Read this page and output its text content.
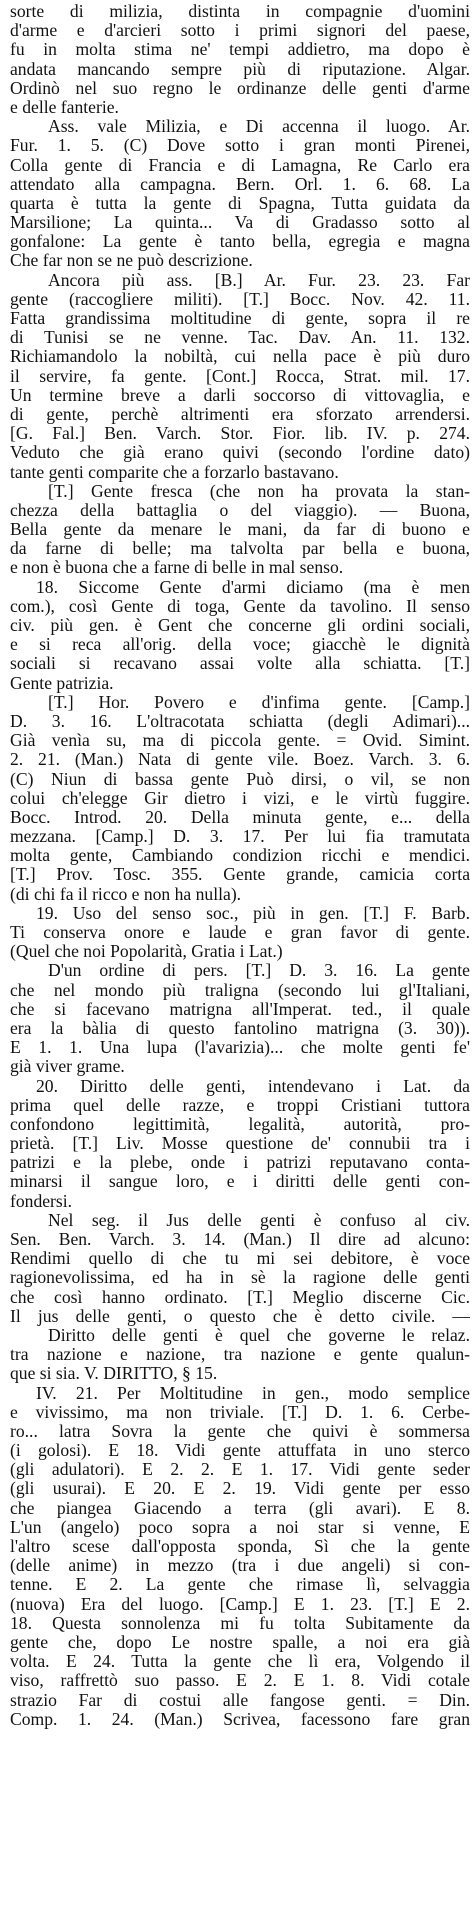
sorte di milizia, distinta in compagnie d'uomini
d'arme e d'arcieri sotto i primi signori del paese,
fu in molta stima ne' tempi addietro, ma dopo è
andata mancando sempre più di riputazione. Algar.
Ordinò nel suo regno le ordinanze delle genti d'arme
e delle fanterie.
Ass. vale Milizia, e Di accenna il luogo. Ar.
Fur. 1. 5. (C) Dove sotto i gran monti Pirenei,
Colla gente di Francia e di Lamagna, Re Carlo era
attendato alla campagna. Bern. Orl. 1. 6. 68. La
quarta è tutta la gente di Spagna, Tutta guidata da
Marsilione; La quinta... Va di Gradasso sotto al
gonfalone: La gente è tanto bella, egregia e magna
Che far non se ne può descrizione.
Ancora più ass. [B.] Ar. Fur. 23. 23. Far
gente (raccogliere militi). [T.] Bocc. Nov. 42. 11.
Fatta grandissima moltitudine di gente, sopra il re
di Tunisi se ne venne. Tac. Dav. An. 11. 132.
Richiamandolo la nobiltà, cui nella pace è più duro
il servire, fa gente. [Cont.] Rocca, Strat. mil. 17.
Un termine breve a darli soccorso di vittovaglia, e
di gente, perchè altrimenti era sforzato arrendersi.
[G. Fal.] Ben. Varch. Stor. Fior. lib. IV. p. 274.
Veduto che già erano quivi (secondo l'ordine dato)
tante genti comparite che a forzarlo bastavano.
[T.] Gente fresca (che non ha provata la stan-
chezza della battaglia o del viaggio). — Buona,
Bella gente da menare le mani, da far di buono e
da farne di belle; ma talvolta par bella e buona,
e non è buona che a farne di belle in mal senso.
18. Siccome Gente d'armi diciamo (ma è men
com.), così Gente di toga, Gente da tavolino. Il senso
civ. più gen. è Gent che concerne gli ordini sociali,
e si reca all'orig. della voce; giacchè le dignità
sociali si recavano assai volte alla schiatta. [T.]
Gente patrizia.
[T.] Hor. Povero e d'infima gente. [Camp.]
D. 3. 16. L'oltracotata schiatta (degli Adimari)...
Già venìa su, ma di piccola gente. = Ovid. Simint.
2. 21. (Man.) Nata di gente vile. Boez. Varch. 3. 6.
(C) Niun di bassa gente Può dirsi, o vil, se non
colui ch'elegge Gir dietro i vizi, e le virtù fuggire.
Bocc. Introd. 20. Della minuta gente, e... della
mezzana. [Camp.] D. 3. 17. Per lui fia tramutata
molta gente, Cambiando condizion ricchi e mendici.
[T.] Prov. Tosc. 355. Gente grande, camicia corta
(di chi fa il ricco e non ha nulla).
19. Uso del senso soc., più in gen. [T.] F. Barb.
Ti conserva onore e laude e gran favor di gente.
(Quel che noi Popolarità, Gratia i Lat.)
D'un ordine di pers. [T.] D. 3. 16. La gente
che nel mondo più traligna (secondo lui gl'Italiani,
che si facevano matrigna all'Imperat. ted., il quale
era la bàlia di questo fantolino matrigna (3. 30)).
E 1. 1. Una lupa (l'avarizia)... che molte genti fe'
già viver grame.
20. Diritto delle genti, intendevano i Lat. da
prima quel delle razze, e troppi Cristiani tuttora
confondono legittimità, legalità, autorità, pro-
prietà. [T.] Liv. Mosse questione de' connubii tra i
patrizi e la plebe, onde i patrizi reputavano conta-
minarsi il sangue loro, e i diritti delle genti con-
fondersi.
Nel seg. il Jus delle genti è confuso al civ.
Sen. Ben. Varch. 3. 14. (Man.) Il dire ad alcuno:
Rendimi quello di che tu mi sei debitore, è voce
ragionevolissima, ed ha in sè la ragione delle genti
che così hanno ordinato. [T.] Meglio discerne Cic.
Il jus delle genti, o questo che è detto civile. —
Diritto delle genti è quel che governe le relaz.
tra nazione e nazione, tra nazione e gente qualun-
que si sia. V. DIRITTO, § 15.
IV. 21. Per Moltitudine in gen., modo semplice
e vivissimo, ma non triviale. [T.] D. 1. 6. Cerbe-
ro... latra Sovra la gente che quivi è sommersa
(i golosi). E 18. Vidi gente attuffata in uno sterco
(gli adulatori). E 2. 2. E 1. 17. Vidi gente seder
(gli usurai). E 20. E 2. 19. Vidi gente per esso
che piangea Giacendo a terra (gli avari). E 8.
L'un (angelo) poco sopra a noi star si venne, E
l'altro scese dall'opposta sponda, Sì che la gente
(delle anime) in mezzo (tra i due angeli) si con-
tenne. E 2. La gente che rimase lì, selvaggia
(nuova) Era del luogo. [Camp.] E 1. 23. [T.] E 2.
18. Questa sonnolenza mi fu tolta Subitamente da
gente che, dopo Le nostre spalle, a noi era già
volta. E 24. Tutta la gente che lì era, Volgendo il
viso, raffrettò suo passo. E 2. E 1. 8. Vidi cotale
strazio Far di costui alle fangose genti. = Din.
Comp. 1. 24. (Man.) Scrivea, facessono fare gran
